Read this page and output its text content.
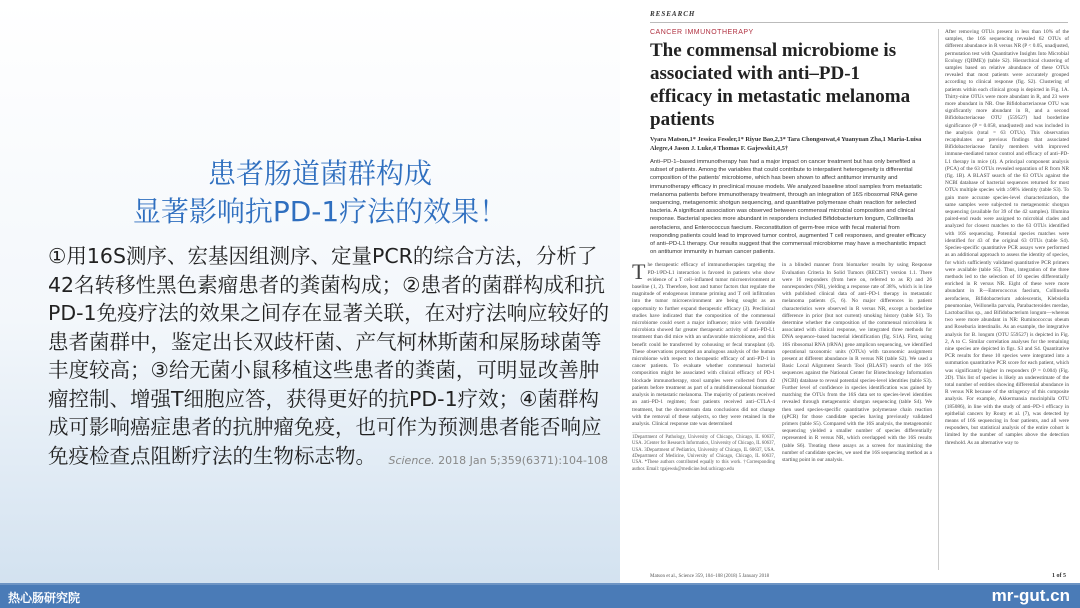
患者肠道菌群构成
显著影响抗PD-1疗法的效果！
①用16S测序、宏基因组测序、定量PCR的综合方法，分析了42名转移性黑色素瘤患者的粪菌构成；②患者的菌群构成和抗PD-1免疫疗法的效果之间存在显著关联，在对疗法响应较好的患者菌群中，鉴定出长双歧杆菌、产气柯林斯菌和屎肠球菌等丰度较高；③给无菌小鼠移植这些患者的粪菌，可明显改善肿瘤控制、增强T细胞应答，获得更好的抗PD-1疗效；④菌群构成可影响癌症患者的抗肿瘤免疫，也可作为预测患者能否响应免疫检查点阻断疗法的生物标志物。	Science. 2018 Jan 5;359(6371):104-108
RESEARCH
CANCER IMMUNOTHERAPY
The commensal microbiome is associated with anti–PD-1 efficacy in metastatic melanoma patients
Vyara Matson,1* Jessica Fessler,1* Riyue Bao,2,3* Tara Chongsuwat,4 Yuanyuan Zha,1 Maria-Luisa Alegre,4 Jason J. Luke,4 Thomas F. Gajewski1,4,5†
Anti–PD-1–based immunotherapy has had a major impact on cancer treatment but has only benefited a subset of patients. Among the variables that could contribute to interpatient heterogeneity is differential composition of the patients' microbiome, which has been shown to affect antitumor immunity and immunotherapy efficacy in preclinical mouse models. We analyzed baseline stool samples from metastatic melanoma patients before immunotherapy treatment, through an integration of 16S ribosomal RNA gene sequencing, metagenomic shotgun sequencing, and quantitative polymerase chain reaction for selected bacteria. A significant association was observed between commensal microbial composition and clinical response. Bacterial species more abundant in responders included Bifidobacterium longum, Collinsella aerofaciens, and Enterococcus faecium. Reconstitution of germ-free mice with fecal material from responding patients could lead to improved tumor control, augmented T cell responses, and greater efficacy of anti–PD-L1 therapy. Our results suggest that the commensal microbiome may have a mechanistic impact on antitumor immunity in human cancer patients.
The therapeutic efficacy of immunotherapies targeting the PD-1/PD-L1 interaction is favored in patients who show evidence of a T cell–inflamed tumor microenvironment at baseline (1, 2). Therefore, host and tumor factors that regulate the magnitude of endogenous immune priming and T cell infiltration into the tumor microenvironment are being sought as an opportunity to further expand therapeutic efficacy (3). Preclinical studies have indicated that the composition of the commensal microbiome could exert a major influence; mice with favorable microbiota showed far greater therapeutic activity of anti–PD-L1 treatment than did mice with an unfavorable microbiome, and this benefit could be transferred by cohousing or fecal transplant (4). These observations prompted an analogous analysis of the human microbiome with respect to therapeutic efficacy of anti–PD-1 in cancer patients. To evaluate whether commensal bacterial composition might be associated with clinical efficacy of PD-1 blockade immunotherapy, stool samples were collected from 42 patients before treatment as part of a multidimensional biomarker analysis in metastatic melanoma. The majority of patients received an anti–PD-1 regimen; four patients received anti–CTLA-4 treatment, but the downstream data conclusions did not change with the removal of these subjects, so they were retained in the analysis. Clinical response rate was determined
1Department of Pathology, University of Chicago, Chicago, IL 60637, USA. 2Center for Research Informatics, University of Chicago, IL 60637, USA. 3Department of Pediatrics, University of Chicago, IL 60637, USA. 4Department of Medicine, University of Chicago, Chicago, IL 60637, USA. *These authors contributed equally to this work. †Corresponding author. Email: tgajewsk@medicine.bsd.uchicago.edu
in a blinded manner from biomarker results by using Response Evaluation Criteria In Solid Tumors (RECIST) version 1.1. There were 16 responders (from here on, referred to as R) and 26 nonresponders (NR), yielding a response rate of 38%, which is in line with published clinical data of anti–PD-1 therapy in metastatic melanoma patients (5, 6). No major differences in patient characteristics were observed in R versus NR, except a borderline difference in prior (but not current) smoking history (table S1). To determine whether the composition of the commensal microbiota is associated with clinical response, we integrated three methods for DNA sequence–based bacterial identification (fig. S1A). First, using 16S ribosomal RNA (rRNA) gene amplicon sequencing, we identified operational taxonomic units (OTUs) with taxonomic assignment present at different abundance in R versus NR (table S2). We used a Basic Local Alignment Search Tool (BLAST) search of the 16S sequences against the National Center for Biotechnology Information (NCBI) database to reveal potential species-level identities (table S3). Further level of confidence in species identification was gained by matching the OTUs from the 16S data set to species-level identities revealed through metagenomic shotgun sequencing (table S4). We then used species-specific quantitative polymerase chain reaction (qPCR) for those candidate species having previously validated primers (table S5). Compared with the 16S analysis, the metagenomic sequencing yielded a smaller number of species differentially represented in R versus NR, which overlapped with the 16S results (table S6). Treating these assays as a screen for maximizing the number of candidate species, we used the 16S sequencing method as a starting point in our analysis.
After removing OTUs present in less than 10% of the samples, the 16S sequencing revealed 62 OTUs of different abundance in R versus NR (P < 0.05, unadjusted, permutation test with Quantitative Insights Into Microbial Ecology (QIIME)) (table S2). Hierarchical clustering of samples based on relative abundance of these OTUs revealed that most patients were accurately grouped according to clinical response (fig. S2). Clustering of patients within each clinical group is depicted in Fig. 1A. Thirty-nine OTUs were more abundant in R, and 23 were more abundant in NR. One Bifidobacteriaceae OTU was significantly more abundant in R, and a second Bifidobacteriaceae OTU (559527) had borderline significance (P = 0.058, unadjusted) and was included in the analysis (total = 63 OTUs). This observation recapitulates our previous findings that associated Bifidobacteriaceae family members with improved immune-mediated tumor control and efficacy of anti–PD-L1 therapy in mice (4). A principal component analysis (PCA) of the 63 OTUs revealed separation of R from NR (fig. 1B). A BLAST search of the 63 OTUs against the NCBI database of bacterial sequences returned for most OTUs multiple species with ≥98% identity (table S3). To gain more accurate species-level characterization, the same samples were subjected to metagenomic shotgun sequencing (available for 39 of the 42 samples). Illumina paired-end reads were assigned to microbial clades and analyzed for closest matches to the 63 OTUs identified with 16S sequencing. Potential species matches were identified for 43 of the original 63 OTUs (table S4). Species-specific quantitative PCR assays were performed as an additional approach to assess the identity of species, for which sufficiently validated quantitative PCR primers were available (table S5). Thus, integration of the three methods led to the selection of 10 species differentially enriched in R versus NR. Eight of these were more abundant in R—Enterococcus faecium, Collinsella aerofaciens, Bifidobacterium adolescentis, Klebsiella pneumoniae, Veillonella parvula, Parabacteroides merdae, Lactobacillus sp., and Bifidobacterium longum—whereas two were more abundant in NR: Ruminococcus obeum and Roseburia intestinalis. As an example, the integrative analysis for B. longum (OTU 559527) is depicted in Fig. 2, A to C. Similar correlation analyses for the remaining nine species are depicted in figs. S3 and S4. Quantitative PCR results for these 10 species were integrated into a summation quantitative PCR score for each patient, which was significantly higher in responders (P = 0.004) (Fig. 2D). This list of species is likely an underestimate of the total number of entities showing differential abundance in R versus NR because of the stringency of this composite analysis. For example, Akkermansia muciniphila OTU (185086), in line with the study of anti–PD-1 efficacy in epithelial cancers by Routy et al. (7), was detected by means of 16S sequencing in four patients, and all were responders, but statistical analysis of the entire cohort is limited by the number of samples above the detection threshold. As an alternative way to
Matson et al., Science 359, 104–108 (2018) 5 January 2018	1 of 5
热心肠研究院	mr-gut.cn
